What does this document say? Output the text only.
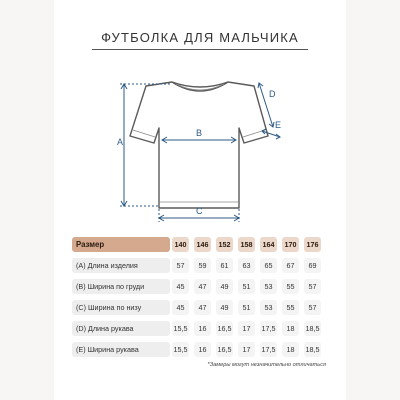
ФУТБОЛКА ДЛЯ МАЛЬЧИКА
A
B
C
D
E
Размер	140	146	152	158	164	170	176
(A) Длина изделия	57	59	61	63	65	67	69
(B) Ширина по груди	45	47	49	51	53	55	57
(C) Ширина по низу	45	47	49	51	53	55	57
(D) Длина рукава	15,5	16	16,5	17	17,5	18	18,5
(E) Ширина рукава	15,5	16	16,5	17	17,5	18	18,5
*Замеры могут незначительно отличаться
